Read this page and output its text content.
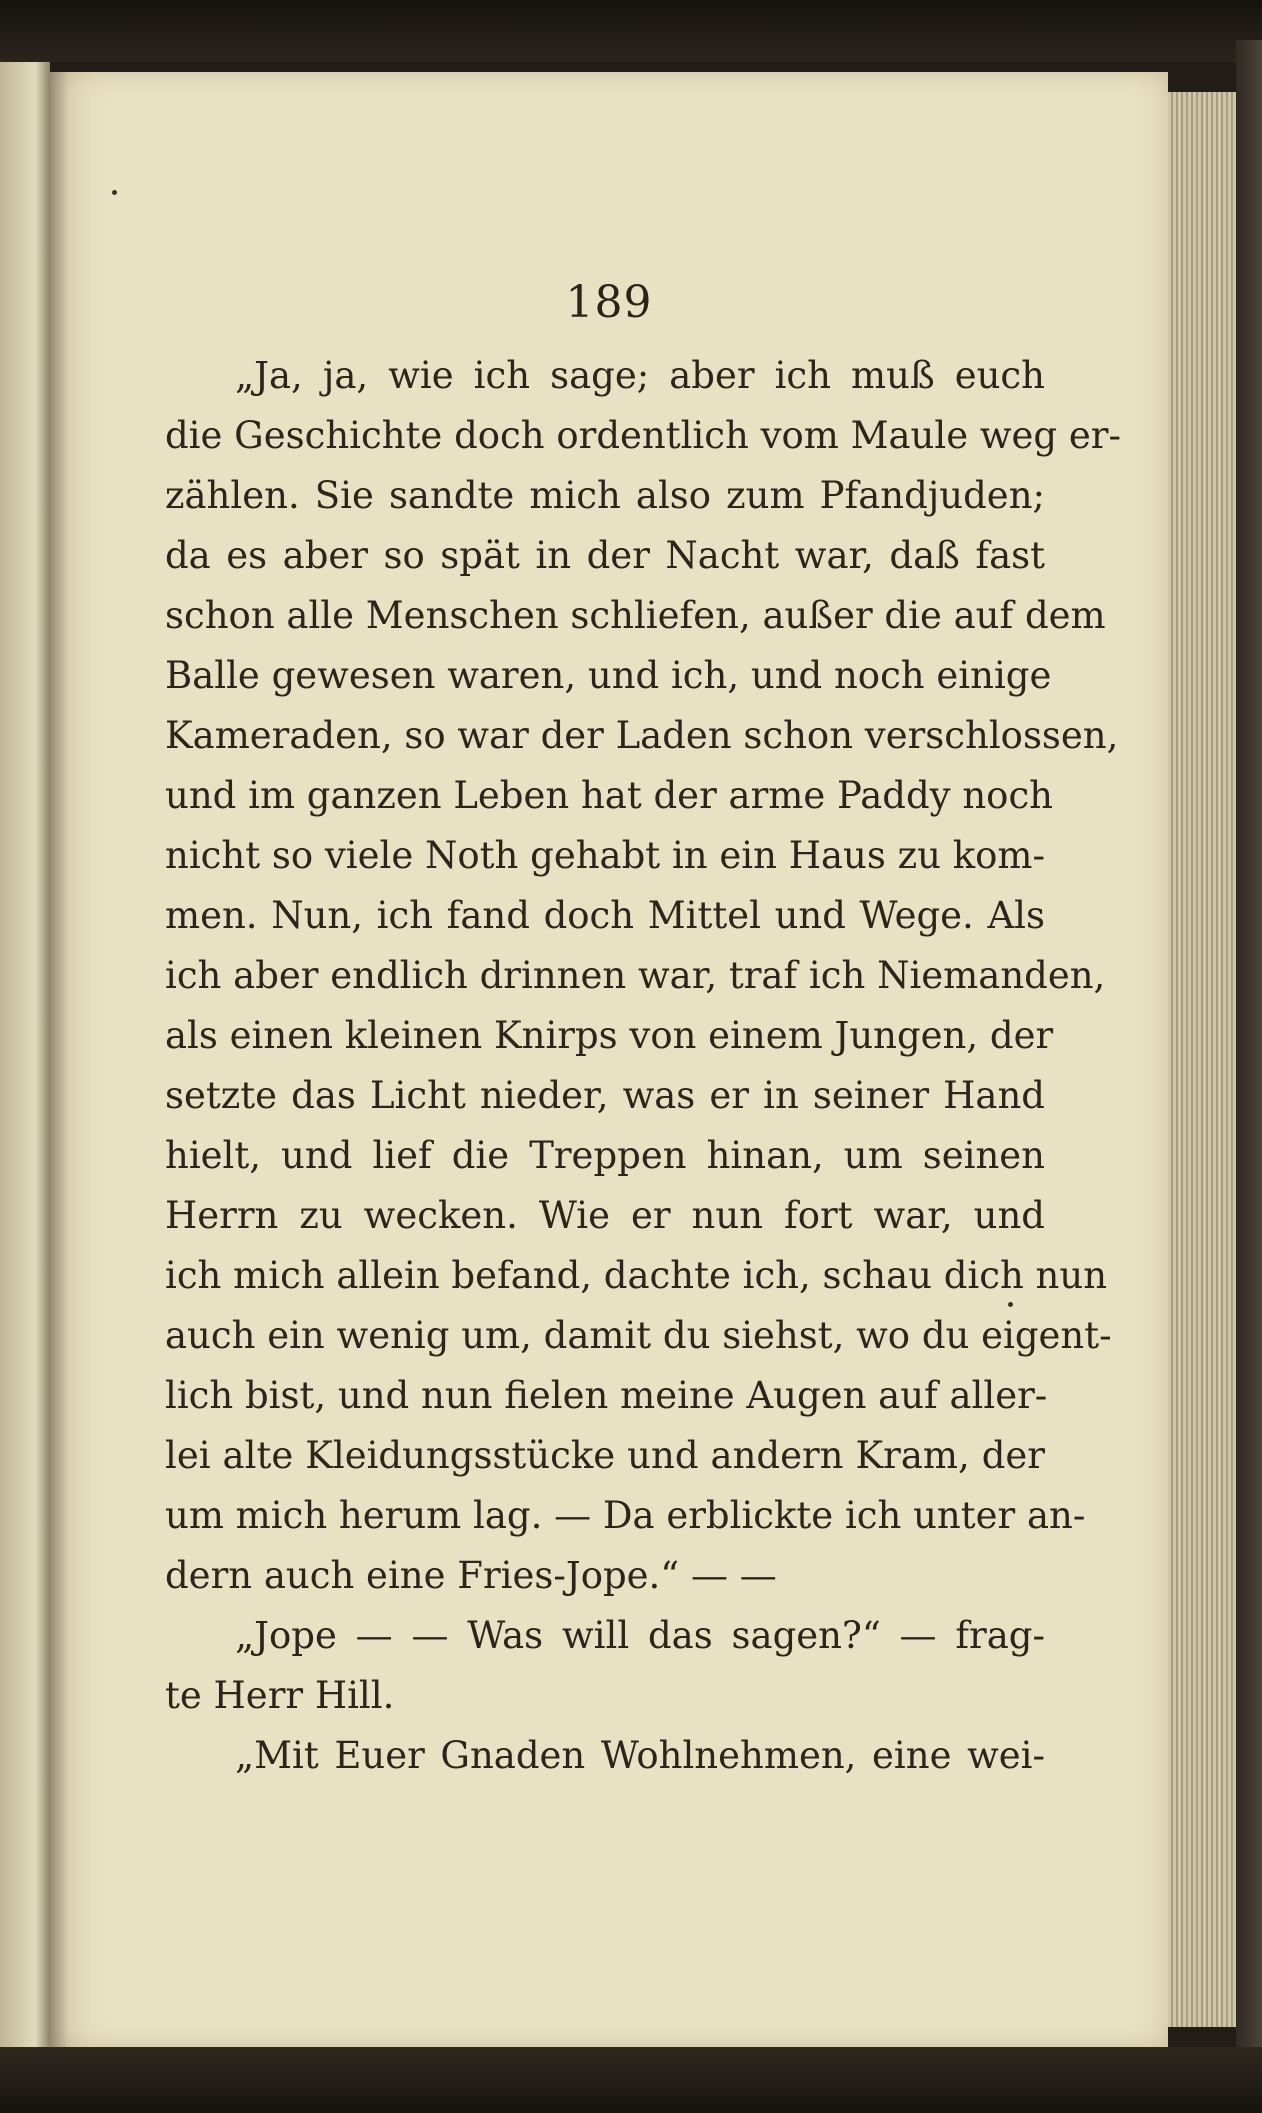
189
„Ja, ja, wie ich sage; aber ich muß euch
die Geschichte doch ordentlich vom Maule weg er-
zählen. Sie sandte mich also zum Pfandjuden;
da es aber so spät in der Nacht war, daß fast
schon alle Menschen schliefen, außer die auf dem
Balle gewesen waren, und ich, und noch einige
Kameraden, so war der Laden schon verschlossen,
und im ganzen Leben hat der arme Paddy noch
nicht so viele Noth gehabt in ein Haus zu kom-
men. Nun, ich fand doch Mittel und Wege. Als
ich aber endlich drinnen war, traf ich Niemanden,
als einen kleinen Knirps von einem Jungen, der
setzte das Licht nieder, was er in seiner Hand
hielt, und lief die Treppen hinan, um seinen
Herrn zu wecken. Wie er nun fort war, und
ich mich allein befand, dachte ich, schau dich nun
auch ein wenig um, damit du siehst, wo du eigent-
lich bist, und nun fielen meine Augen auf aller-
lei alte Kleidungsstücke und andern Kram, der
um mich herum lag. — Da erblickte ich unter an-
dern auch eine Fries-Jope.“ — —
„Jope — — Was will das sagen?“ — frag-
te Herr Hill.
„Mit Euer Gnaden Wohlnehmen, eine wei-
